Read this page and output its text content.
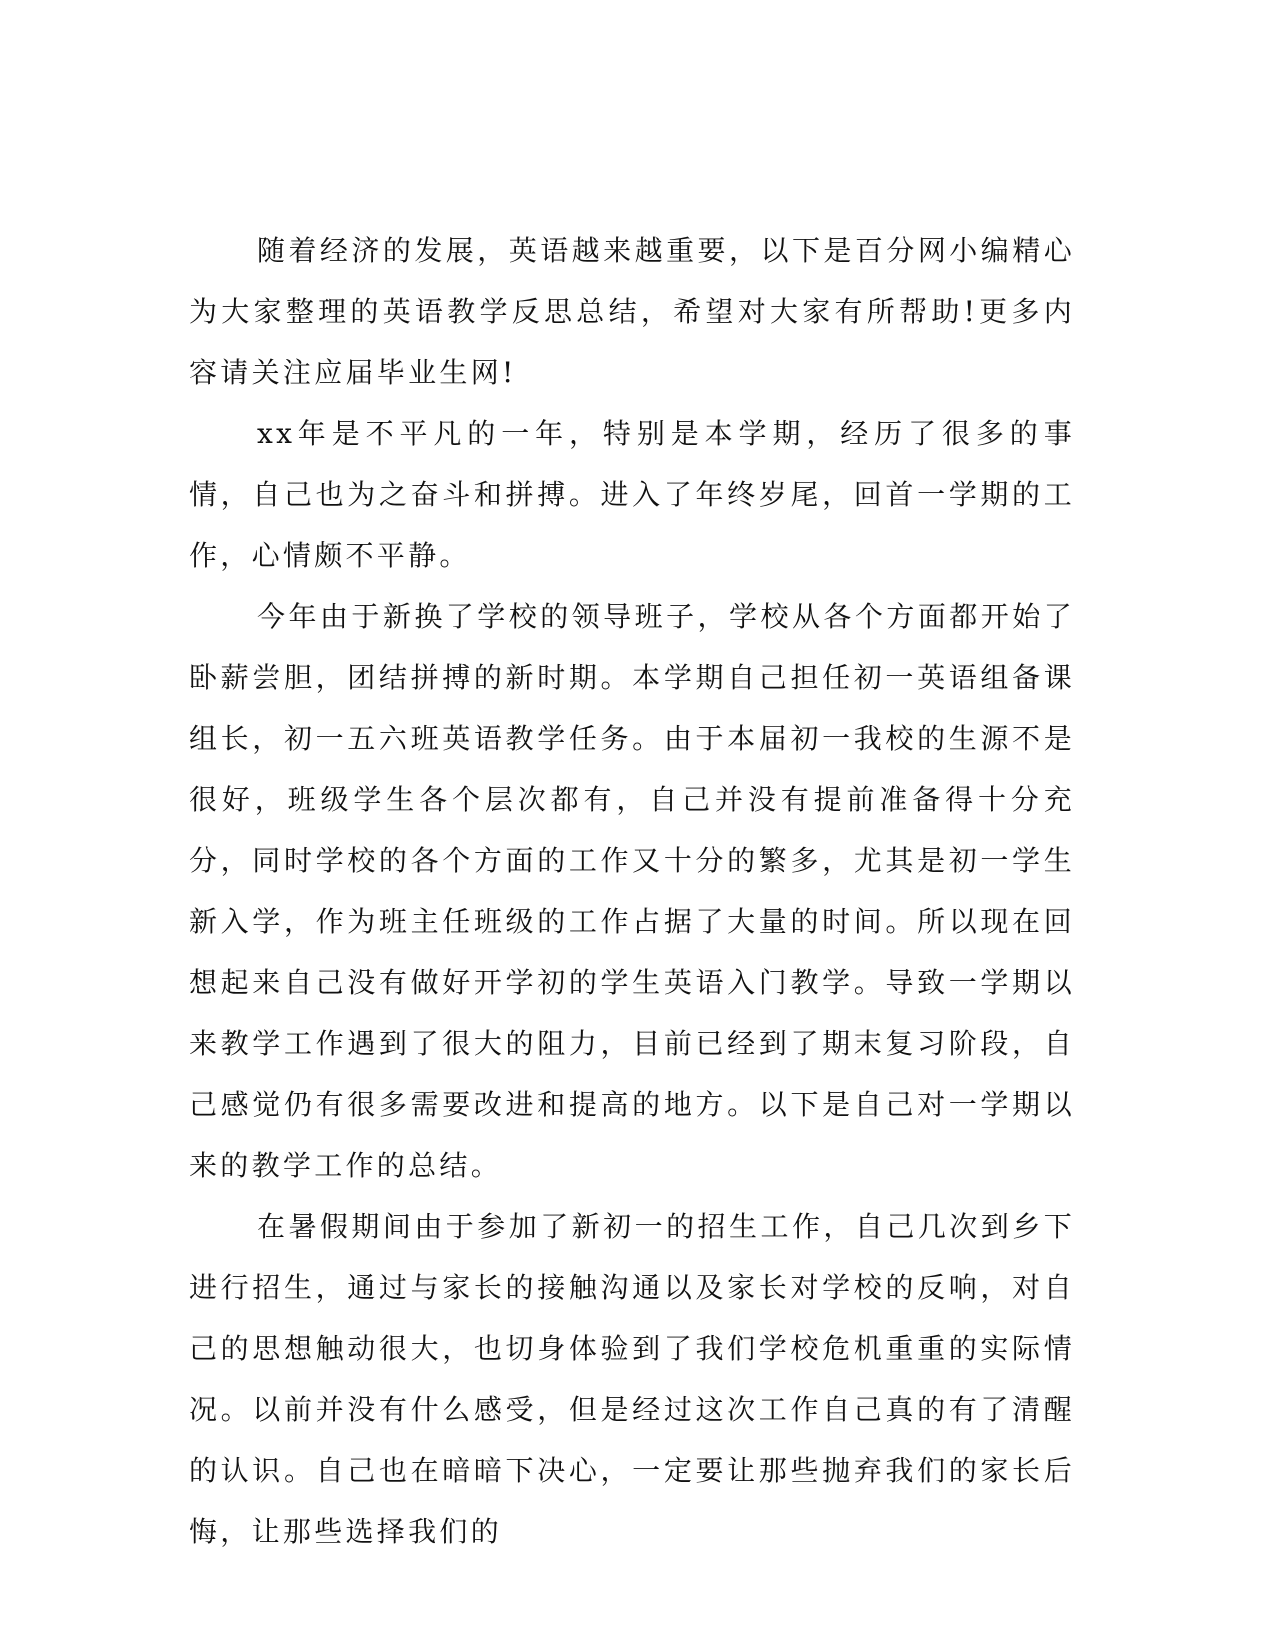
随着经济的发展，英语越来越重要，以下是百分网小编精心为大家整理的英语教学反思总结，希望对大家有所帮助!更多内容请关注应届毕业生网!

xx年是不平凡的一年，特别是本学期，经历了很多的事情，自己也为之奋斗和拼搏。进入了年终岁尾，回首一学期的工作，心情颇不平静。

今年由于新换了学校的领导班子，学校从各个方面都开始了卧薪尝胆，团结拼搏的新时期。本学期自己担任初一英语组备课组长，初一五六班英语教学任务。由于本届初一我校的生源不是很好，班级学生各个层次都有，自己并没有提前准备得十分充分，同时学校的各个方面的工作又十分的繁多，尤其是初一学生新入学，作为班主任班级的工作占据了大量的时间。所以现在回想起来自己没有做好开学初的学生英语入门教学。导致一学期以来教学工作遇到了很大的阻力，目前已经到了期末复习阶段，自己感觉仍有很多需要改进和提高的地方。以下是自己对一学期以来的教学工作的总结。

在暑假期间由于参加了新初一的招生工作，自己几次到乡下进行招生，通过与家长的接触沟通以及家长对学校的反响，对自己的思想触动很大，也切身体验到了我们学校危机重重的实际情况。以前并没有什么感受，但是经过这次工作自己真的有了清醒的认识。自己也在暗暗下决心，一定要让那些抛弃我们的家长后悔，让那些选择我们的
